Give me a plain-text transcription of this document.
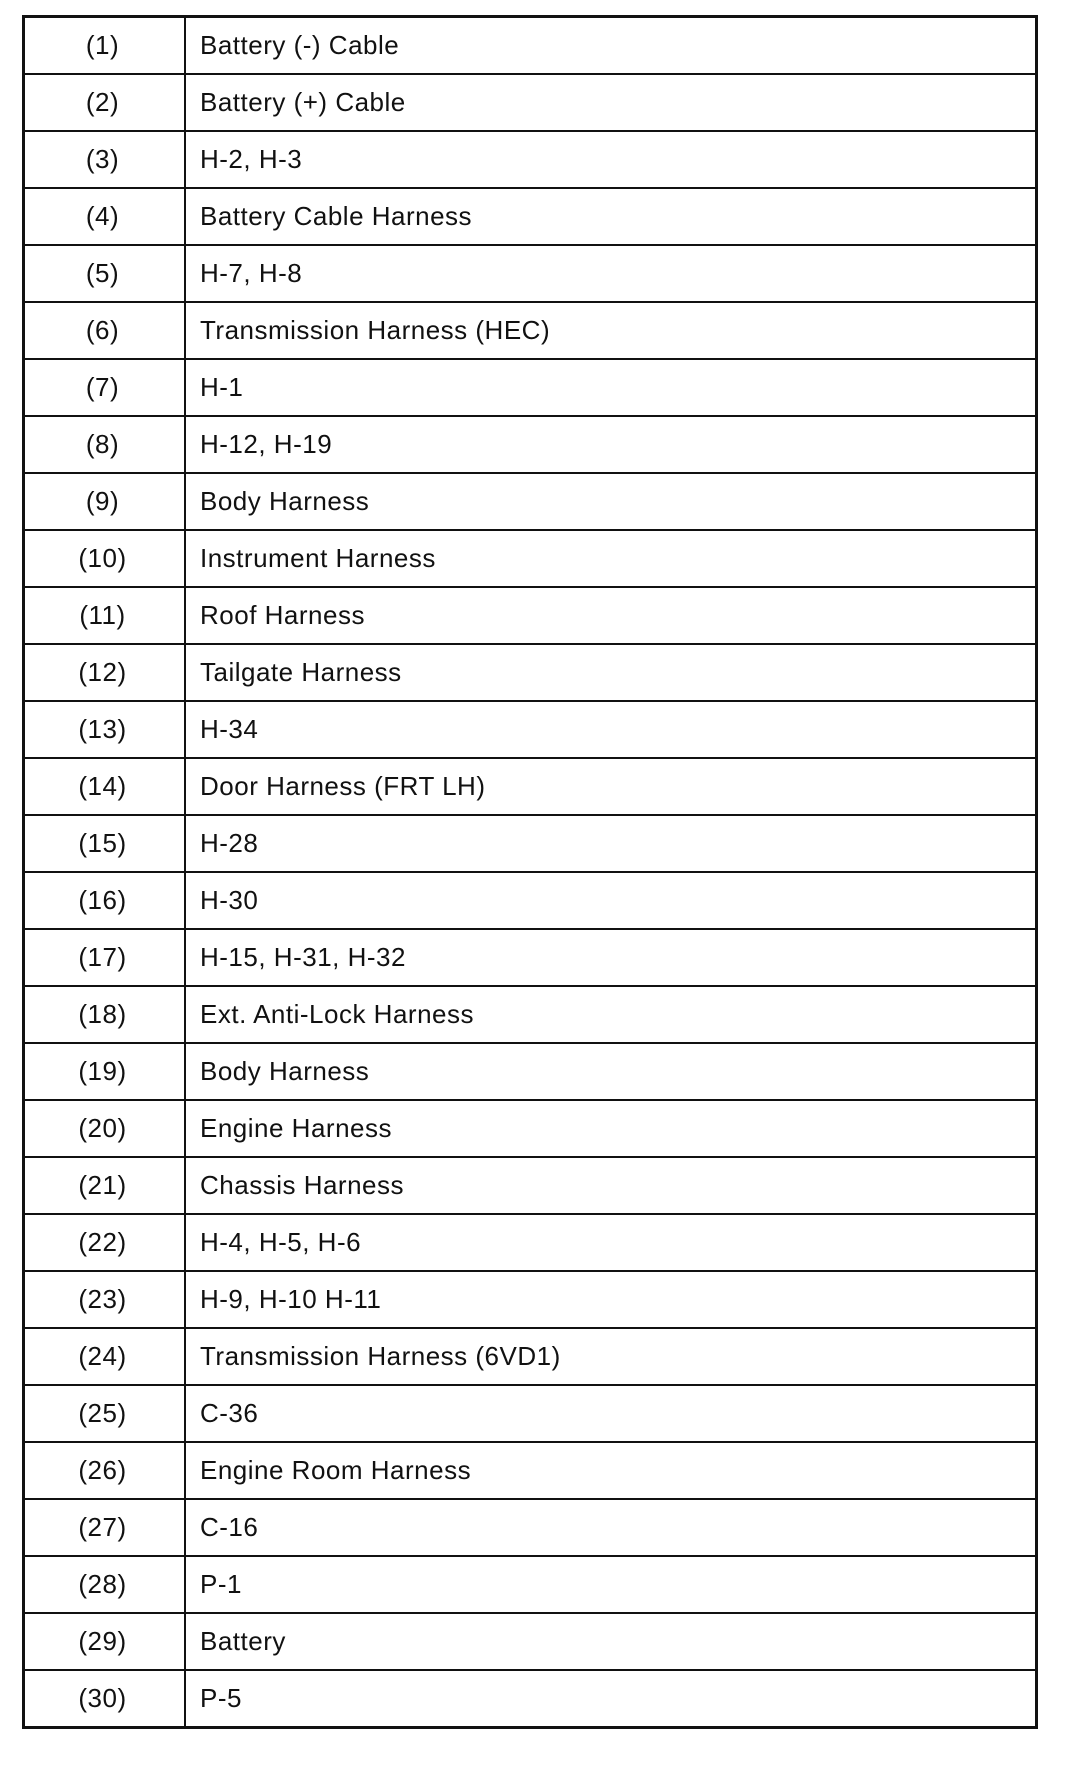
(1)	Battery (-) Cable
(2)	Battery (+) Cable
(3)	H-2, H-3
(4)	Battery Cable Harness
(5)	H-7, H-8
(6)	Transmission Harness (HEC)
(7)	H-1
(8)	H-12, H-19
(9)	Body Harness
(10)	Instrument Harness
(11)	Roof Harness
(12)	Tailgate Harness
(13)	H-34
(14)	Door Harness (FRT LH)
(15)	H-28
(16)	H-30
(17)	H-15, H-31, H-32
(18)	Ext. Anti-Lock Harness
(19)	Body Harness
(20)	Engine Harness
(21)	Chassis Harness
(22)	H-4, H-5, H-6
(23)	H-9, H-10 H-11
(24)	Transmission Harness (6VD1)
(25)	C-36
(26)	Engine Room Harness
(27)	C-16
(28)	P-1
(29)	Battery
(30)	P-5
